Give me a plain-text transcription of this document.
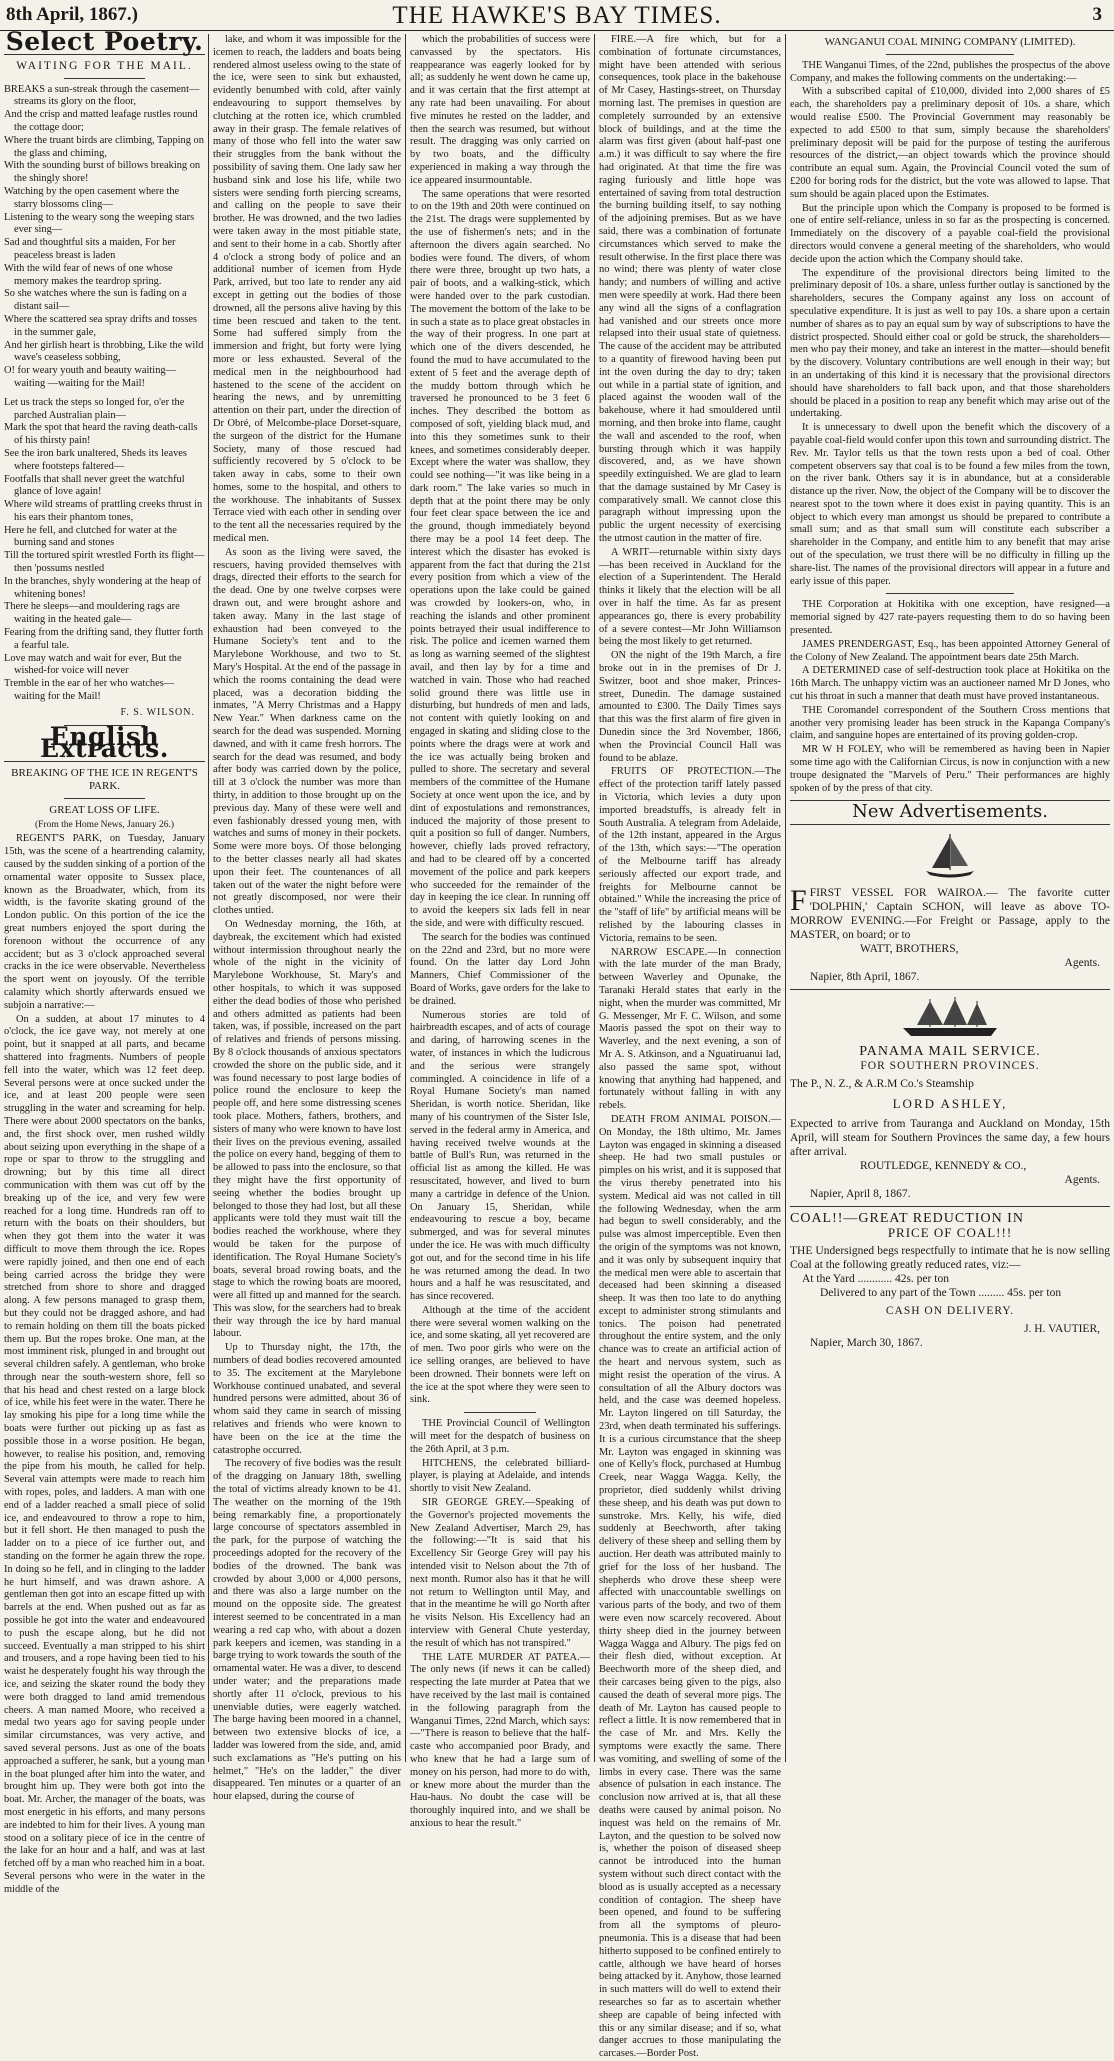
8th April, 1867.)	THE HAWKE'S BAY TIMES.	3
Select Poetry.
WAITING FOR THE MAIL.

BREAKS a sun-streak through the casement— streams its glory on the floor,

And the crisp and matted leafage rustles round the cottage door;

Where the truant birds are climbing, Tapping on the glass and chiming,

With the sounding burst of billows breaking on the shingly shore!

Watching by the open casement where the starry blossoms cling—

Listening to the weary song the weeping stars ever sing—

Sad and thoughtful sits a maiden, For her peaceless breast is laden

With the wild fear of news of one whose memory makes the teardrop spring.

So she watches where the sun is fading on a distant sail—

Where the scattered sea spray drifts and tosses in the summer gale,

And her girlish heart is throbbing, Like the wild wave's ceaseless sobbing,

O! for weary youth and beauty waiting—waiting —waiting for the Mail!

Let us track the steps so longed for, o'er the parched Australian plain—

Mark the spot that heard the raving death-calls of his thirsty pain!

See the iron bark unaltered, Sheds its leaves where footsteps faltered—

Footfalls that shall never greet the watchful glance of love again!

Where wild streams of prattling creeks thrust in his ears their phantom tones,

Here he fell, and clutched for water at the burning sand and stones

Till the tortured spirit wrestled Forth its flight—then 'possums nestled

In the branches, shyly wondering at the heap of whitening bones!

There he sleeps—and mouldering rags are waiting in the heated gale—

Fearing from the drifting sand, they flutter forth a fearful tale.

Love may watch and wait for ever, But the wished-for voice will never

Tremble in the ear of her who watches—waiting for the Mail!

F. S. WILSON.
English Extracts.
BREAKING OF THE ICE IN REGENT'S PARK.
GREAT LOSS OF LIFE.
(From the Home News, January 26.)

REGENT'S PARK, on Tuesday, January 15th, was the scene of a heartrending calamity, caused by the sudden sinking of a portion of the ornamental water opposite to Sussex place, known as the Broadwater, which, from its width, is the favorite skating ground of the London public. On this portion of the ice the great numbers enjoyed the sport during the forenoon without the occurrence of any accident; but as 3 o'clock approached several cracks in the ice were observable. Nevertheless the sport went on joyously. Of the terrible calamity which shortly afterwards ensued we subjoin a narrative:—

On a sudden, at about 17 minutes to 4 o'clock, the ice gave way, not merely at one point, but it snapped at all parts, and became shattered into fragments. Numbers of people fell into the water, which was 12 feet deep. Several persons were at once sucked under the ice, and at least 200 people were seen struggling in the water and screaming for help. There were about 2000 spectators on the banks, and, the first shock over, men rushed wildly about seizing upon everything in the shape of a rope or spar to throw to the struggling and drowning; but by this time all direct communication with them was cut off by the breaking up of the ice, and very few were reached for a long time. Hundreds ran off to return with the boats on their shoulders, but when they got them into the water it was difficult to move them through the ice. Ropes were rapidly joined, and then one end of each being carried across the bridge they were stretched from shore to shore and dragged along. A few persons managed to grasp them, but they could not be dragged ashore, and had to remain holding on them till the boats picked them up. But the ropes broke. One man, at the most imminent risk, plunged in and brought out several children safely. A gentleman, who broke through near the south-western shore, fell so that his head and chest rested on a large block of ice, while his feet were in the water. There he lay smoking his pipe for a long time while the boats were further out picking up as fast as possible those in a worse position. He began, however, to realise his position, and, removing the pipe from his mouth, he called for help. Several vain attempts were made to reach him with ropes, poles, and ladders. A man with one end of a ladder reached a small piece of solid ice, and endeavoured to throw a rope to him, but it fell short. He then managed to push the ladder on to a piece of ice further out, and standing on the former he again threw the rope. In doing so he fell, and in clinging to the ladder he hurt himself, and was drawn ashore. A gentleman then got into an escape fitted up with barrels at the end. When pushed out as far as possible he got into the water and endeavoured to push the escape along, but he did not succeed. Eventually a man stripped to his shirt and trousers, and a rope having been tied to his waist he desperately fought his way through the ice, and seizing the skater round the body they were both dragged to land amid tremendous cheers. A man named Moore, who received a medal two years ago for saving people under similar circumstances, was very active, and saved several persons. Just as one of the boats approached a sufferer, he sank, but a young man in the boat plunged after him into the water, and brought him up. They were both got into the boat. Mr. Archer, the manager of the boats, was most energetic in his efforts, and many persons are indebted to him for their lives. A young man stood on a solitary piece of ice in the centre of the lake for an hour and a half, and was at last fetched off by a man who reached him in a boat. Several persons who were in the water in the middle of the

lake, and whom it was impossible for the icemen to reach, the ladders and boats being rendered almost useless owing to the state of the ice, were seen to sink but exhausted, evidently benumbed with cold, after vainly endeavouring to support themselves by clutching at the rotten ice, which crumbled away in their grasp. The female relatives of many of those who fell into the water saw their struggles from the bank without the possibility of saving them. One lady saw her husband sink and lose his life, while two sisters were sending forth piercing screams, and calling on the people to save their brother. He was drowned, and the two ladies were taken away in the most pitiable state, and sent to their home in a cab. Shortly after 4 o'clock a strong body of police and an additional number of icemen from Hyde Park, arrived, but too late to render any aid except in getting out the bodies of those drowned, all the persons alive having by this time been rescued and taken to the tent. Some had suffered simply from the immersion and fright, but forty were lying more or less exhausted. Several of the medical men in the neighbourhood had hastened to the scene of the accident on hearing the news, and by unremitting attention on their part, under the direction of Dr Obré, of Melcombe-place Dorset-square, the surgeon of the district for the Humane Society, many of those rescued had sufficiently recovered by 5 o'clock to be taken away in cabs, some to their own homes, some to the hospital, and others to the workhouse. The inhabitants of Sussex Terrace vied with each other in sending over to the tent all the necessaries required by the medical men.

As soon as the living were saved, the rescuers, having provided themselves with drags, directed their efforts to the search for the dead. One by one twelve corpses were drawn out, and were brought ashore and taken away. Many in the last stage of exhaustion had been conveyed to the Humane Society's tent and to the Marylebone Workhouse, and two to St. Mary's Hospital. At the end of the passage in which the rooms containing the dead were placed, was a decoration bidding the inmates, "A Merry Christmas and a Happy New Year." When darkness came on the search for the dead was suspended. Morning dawned, and with it came fresh horrors. The search for the dead was resumed, and body after body was carried down by the police, till at 3 o'clock the number was more than thirty, in addition to those brought up on the previous day. Many of these were well and even fashionably dressed young men, with watches and sums of money in their pockets. Some were more boys. Of those belonging to the better classes nearly all had skates upon their feet. The countenances of all taken out of the water the night before were not greatly discomposed, nor were their clothes untied.

On Wednesday morning, the 16th, at daybreak, the excitement which had existed without intermission throughout nearly the whole of the night in the vicinity of Marylebone Workhouse, St. Mary's and other hospitals, to which it was supposed either the dead bodies of those who perished and others admitted as patients had been taken, was, if possible, increased on the part of relatives and friends of persons missing. By 8 o'clock thousands of anxious spectators crowded the shore on the public side, and it was found necessary to post large bodies of police round the enclosure to keep the people off, and here some distressing scenes took place. Mothers, fathers, brothers, and sisters of many who were known to have lost their lives on the previous evening, assailed the police on every hand, begging of them to be allowed to pass into the enclosure, so that they might have the first opportunity of seeing whether the bodies brought up belonged to those they had lost, but all these applicants were told they must wait till the bodies reached the workhouse, where they would be taken for the purpose of identification. The Royal Humane Society's boats, several broad rowing boats, and the stage to which the rowing boats are moored, were all fitted up and manned for the search. This was slow, for the searchers had to break their way through the ice by hard manual labour.

Up to Thursday night, the 17th, the numbers of dead bodies recovered amounted to 35. The excitement at the Marylebone Workhouse continued unabated, and several hundred persons were admitted, about 36 of whom said they came in search of missing relatives and friends who were known to have been on the ice at the time the catastrophe occurred.

The recovery of five bodies was the result of the dragging on January 18th, swelling the total of victims already known to be 41. The weather on the morning of the 19th being remarkably fine, a proportionately large concourse of spectators assembled in the park, for the purpose of watching the proceedings adopted for the recovery of the bodies of the drowned. The bank was crowded by about 3,000 or 4,000 persons, and there was also a large number on the mound on the opposite side. The greatest interest seemed to be concentrated in a man wearing a red cap who, with about a dozen park keepers and icemen, was standing in a barge trying to work towards the south of the ornamental water. He was a diver, to descend under water; and the preparations made shortly after 11 o'clock, previous to his unenviable duties, were eagerly watched. The barge having been moored in a channel, between two extensive blocks of ice, a ladder was lowered from the side, and, amid such exclamations as "He's putting on his helmet," "He's on the ladder," the diver disappeared. Ten minutes or a quarter of an hour elapsed, during the course of

which the probabilities of success were canvassed by the spectators. His reappearance was eagerly looked for by all; as suddenly he went down he came up, and it was certain that the first attempt at any rate had been unavailing. For about five minutes he rested on the ladder, and then the search was resumed, but without result. The dragging was only carried on by two boats, and the difficulty experienced in making a way through the ice appeared insurmountable.

The same operations that were resorted to on the 19th and 20th were continued on the 21st. The drags were supplemented by the use of fishermen's nets; and in the afternoon the divers again searched. No bodies were found. The divers, of whom there were three, brought up two hats, a pair of boots, and a walking-stick, which were handed over to the park custodian. The movement the bottom of the lake to be in such a state as to place great obstacles in the way of their progress. In one part at which one of the divers descended, he found the mud to have accumulated to the extent of 5 feet and the average depth of the muddy bottom through which he traversed he pronounced to be 3 feet 6 inches. They described the bottom as composed of soft, yielding black mud, and into this they sometimes sunk to their knees, and sometimes considerably deeper. Except where the water was shallow, they could see nothing—"it was like being in a dark room." The lake varies so much in depth that at the point there may be only four feet clear space between the ice and the ground, though immediately beyond there may be a pool 14 feet deep. The interest which the disaster has evoked is apparent from the fact that during the 21st every position from which a view of the operations upon the lake could be gained was crowded by lookers-on, who, in reaching the islands and other prominent points betrayed their usual indifference to risk. The police and icemen warned them as long as warning seemed of the slightest avail, and then lay by for a time and watched in vain. Those who had reached solid ground there was little use in disturbing, but hundreds of men and lads, not content with quietly looking on and engaged in skating and sliding close to the points where the drags were at work and the ice was actually being broken and pulled to shore. The secretary and several members of the committee of the Humane Society at once went upon the ice, and by dint of expostulations and remonstrances, induced the majority of those present to quit a position so full of danger. Numbers, however, chiefly lads proved refractory, and had to be cleared off by a concerted movement of the police and park keepers who succeeded for the remainder of the day in keeping the ice clear. In running off to avoid the keepers six lads fell in near the side, and were with difficulty rescued.

The search for the bodies was continued on the 22nd and 23rd, but no more were found. On the latter day Lord John Manners, Chief Commissioner of the Board of Works, gave orders for the lake to be drained.

Numerous stories are told of hairbreadth escapes, and of acts of courage and daring, of harrowing scenes in the water, of instances in which the ludicrous and the serious were strangely commingled. A coincidence in life of a Royal Humane Society's man named Sheridan, is worth notice. Sheridan, like many of his countrymen of the Sister Isle, served in the federal army in America, and having received twelve wounds at the battle of Bull's Run, was returned in the official list as among the killed. He was resuscitated, however, and lived to burn many a cartridge in defence of the Union. On January 15, Sheridan, while endeavouring to rescue a boy, became submerged, and was for several minutes under the ice. He was with much difficulty got out, and for the second time in his life he was returned among the dead. In two hours and a half he was resuscitated, and has since recovered.

Although at the time of the accident there were several women walking on the ice, and some skating, all yet recovered are of men. Two poor girls who were on the ice selling oranges, are believed to have been drowned. Their bonnets were left on the ice at the spot where they were seen to sink.

THE Provincial Council of Wellington will meet for the despatch of business on the 26th April, at 3 p.m.

HITCHENS, the celebrated billiard-player, is playing at Adelaide, and intends shortly to visit New Zealand.

SIR GEORGE GREY.—Speaking of the Governor's projected movements the New Zealand Advertiser, March 29, has the following:—"It is said that his Excellency Sir George Grey will pay his intended visit to Nelson about the 7th of next month. Rumor also has it that he will not return to Wellington until May, and that in the meantime he will go North after he visits Nelson. His Excellency had an interview with General Chute yesterday, the result of which has not transpired."

THE LATE MURDER AT PATEA.—The only news (if news it can be called) respecting the late murder at Patea that we have received by the last mail is contained in the following paragraph from the Wanganui Times, 22nd March, which says:—"There is reason to believe that the half-caste who accompanied poor Brady, and who knew that he had a large sum of money on his person, had more to do with, or knew more about the murder than the Hau-haus. No doubt the case will be thoroughly inquired into, and we shall be anxious to hear the result."

FIRE.—A fire which, but for a combination of fortunate circumstances, might have been attended with serious consequences, took place in the bakehouse of Mr Casey, Hastings-street, on Thursday morning last. The premises in question are completely surrounded by an extensive block of buildings, and at the time the alarm was first given (about half-past one a.m.) it was difficult to say where the fire had originated. At that time the fire was raging furiously and little hope was entertained of saving from total destruction the burning building itself, to say nothing of the adjoining premises. But as we have said, there was a combination of fortunate circumstances which served to make the result otherwise. In the first place there was no wind; there was plenty of water close handy; and numbers of willing and active men were speedily at work. Had there been any wind all the signs of a conflagration had vanished and our streets once more relapsed into their usual state of quietness. The cause of the accident may be attributed to a quantity of firewood having been put int the oven during the day to dry; taken out while in a partial state of ignition, and placed against the wooden wall of the bakehouse, where it had smouldered until morning, and then broke into flame, caught the wall and ascended to the roof, when bursting through which it was happily discovered, and, as we have shown speedily extinguished. We are glad to learn that the damage sustained by Mr Casey is comparatively small. We cannot close this paragraph without impressing upon the public the urgent necessity of exercising the utmost caution in the matter of fire.

A WRIT—returnable within sixty days—has been received in Auckland for the election of a Superintendent. The Herald thinks it likely that the election will be all over in half the time. As far as present appearances go, there is every probability of a severe contest—Mr John Williamson being the most likely to get returned.

ON the night of the 19th March, a fire broke out in in the premises of Dr J. Switzer, boot and shoe maker, Princes-street, Dunedin. The damage sustained amounted to £300. The Daily Times says that this was the first alarm of fire given in Dunedin since the 3rd November, 1866, when the Provincial Council Hall was found to be ablaze.

FRUITS OF PROTECTION.—The effect of the protection tariff lately passed in Victoria, which levies a duty upon imported breadstuffs, is already felt in South Australia. A telegram from Adelaide, of the 12th instant, appeared in the Argus of the 13th, which says:—"The operation of the Melbourne tariff has already seriously affected our export trade, and freights for Melbourne cannot be obtained." While the increasing the price of the "staff of life" by artificial means will be relished by the labouring classes in Victoria, remains to be seen.

NARROW ESCAPE.—In connection with the late murder of the man Brady, between Waverley and Opunake, the Taranaki Herald states that early in the night, when the murder was committed, Mr G. Messenger, Mr F. C. Wilson, and some Maoris passed the spot on their way to Waverley, and the next evening, a son of Mr A. S. Atkinson, and a Nguatiruanui lad, also passed the same spot, without knowing that anything had happened, and fortunately without falling in with any rebels.

DEATH FROM ANIMAL POISON.—On Monday, the 18th ultimo, Mr. James Layton was engaged in skinning a diseased sheep. He had two small pustules or pimples on his wrist, and it is supposed that the virus thereby penetrated into his system. Medical aid was not called in till the following Wednesday, when the arm had begun to swell considerably, and the pulse was almost imperceptible. Even then the origin of the symptoms was not known, and it was only by subsequent inquiry that the medical men were able to ascertain that deceased had been skinning a diseased sheep. It was then too late to do anything except to administer strong stimulants and tonics. The poison had penetrated throughout the entire system, and the only chance was to create an artificial action of the heart and nervous system, such as might resist the operation of the virus. A consultation of all the Albury doctors was held, and the case was deemed hopeless. Mr. Layton lingered on till Saturday, the 23rd, when death terminated his sufferings. It is a curious circumstance that the sheep Mr. Layton was engaged in skinning was one of Kelly's flock, purchased at Humbug Creek, near Wagga Wagga. Kelly, the proprietor, died suddenly whilst driving these sheep, and his death was put down to sunstroke. Mrs. Kelly, his wife, died suddenly at Beechworth, after taking delivery of these sheep and selling them by auction. Her death was attributed mainly to grief for the loss of her husband. The shepherds who drove these sheep were affected with unaccountable swellings on various parts of the body, and two of them were even now scarcely recovered. About thirty sheep died in the journey between Wagga Wagga and Albury. The pigs fed on their flesh died, without exception. At Beechworth more of the sheep died, and their carcases being given to the pigs, also caused the death of several more pigs. The death of Mr. Layton has caused people to reflect a little. It is now remembered that in the case of Mr. and Mrs. Kelly the symptoms were exactly the same. There was vomiting, and swelling of some of the limbs in every case. There was the same absence of pulsation in each instance. The conclusion now arrived at is, that all these deaths were caused by animal poison. No inquest was held on the remains of Mr. Layton, and the question to be solved now is, whether the poison of diseased sheep cannot be introduced into the human system without such direct contact with the blood as is usually accepted as a necessary condition of contagion. The sheep have been opened, and found to be suffering from all the symptoms of pleuro-pneumonia. This is a disease that had been hitherto supposed to be confined entirely to cattle, although we have heard of horses being attacked by it. Anyhow, those learned in such matters will do well to extend their researches so far as to ascertain whether sheep are capable of being infected with this or any similar disease; and if so, what danger accrues to those manipulating the carcases.—Border Post.

WANGANUI COAL MINING COMPANY (LIMITED).

THE Wanganui Times, of the 22nd, publishes the prospectus of the above Company, and makes the following comments on the undertaking:—

With a subscribed capital of £10,000, divided into 2,000 shares of £5 each, the shareholders pay a preliminary deposit of 10s. a share, which would realise £500. The Provincial Government may reasonably be expected to add £500 to that sum, simply because the shareholders' preliminary deposit will be paid for the purpose of testing the auriferous resources of the district,—an object towards which the province should contribute an equal sum. Again, the Provincial Council voted the sum of £200 for boring rods for the district, but the vote was allowed to lapse. That sum should be again placed upon the Estimates.

But the principle upon which the Company is proposed to be formed is one of entire self-reliance, unless in so far as the prospecting is concerned. Immediately on the discovery of a payable coal-field the provisional directors would convene a general meeting of the shareholders, who would decide upon the action which the Company should take.

The expenditure of the provisional directors being limited to the preliminary deposit of 10s. a share, unless further outlay is sanctioned by the shareholders, secures the Company against any loss on account of speculative expenditure. It is just as well to pay 10s. a share upon a certain number of shares as to pay an equal sum by way of subscriptions to have the district prospected. Should either coal or gold be struck, the shareholders—men who pay their money, and take an interest in the matter—should benefit by the discovery. Voluntary contributions are well enough in their way; but in an undertaking of this kind it is necessary that the provisional directors should have shareholders to fall back upon, and that those shareholders should be placed in a position to reap any benefit which may arise out of the undertaking.

It is unnecessary to dwell upon the benefit which the discovery of a payable coal-field would confer upon this town and surrounding district. The Rev. Mr. Taylor tells us that the town rests upon a bed of coal. Other competent observers say that coal is to be found a few miles from the town, on the river bank. Others say it is in abundance, but at a considerable distance up the river. Now, the object of the Company will be to discover the nearest spot to the town where it does exist in paying quantity. This is an object to which every man amongst us should be prepared to contribute a small sum; and as that small sum will constitute each subscriber a shareholder in the Company, and entitle him to any benefit that may arise out of the speculation, we trust there will be no difficulty in filling up the share-list. The names of the provisional directors will appear in a future and early issue of this paper.

THE Corporation at Hokitika with one exception, have resigned—a memorial signed by 427 rate-payers requesting them to do so having been presented.

JAMES PRENDERGAST, Esq., has been appointed Attorney General of the Colony of New Zealand. The appointment bears date 25th March.

A DETERMINED case of self-destruction took place at Hokitika on the 16th March. The unhappy victim was an auctioneer named Mr D Jones, who cut his throat in such a manner that death must have proved instantaneous.

THE Coromandel correspondent of the Southern Cross mentions that another very promising leader has been struck in the Kapanga Company's claim, and sanguine hopes are entertained of its proving golden-crop.

MR W H FOLEY, who will be remembered as having been in Napier some time ago with the Californian Circus, is now in conjunction with a new troupe designated the "Marvels of Peru." Their performances are highly spoken of by the press of that city.

New Advertisements.
F FIRST VESSEL FOR WAIROA.— The favorite cutter 'DOLPHIN,' Captain SCHON, will leave as above TO-MORROW EVENING.—For Freight or Passage, apply to the MASTER, on board; or to
WATT, BROTHERS,
Agents.
Napier, 8th April, 1867.
PANAMA MAIL SERVICE.
FOR SOUTHERN PROVINCES.
The P., N. Z., & A.R.M Co.'s Steamship
LORD ASHLEY,
Expected to arrive from Tauranga and Auckland on Monday, 15th April, will steam for Southern Provinces the same day, a few hours after arrival.
ROUTLEDGE, KENNEDY & CO.,
Agents.
Napier, April 8, 1867.
COAL!!—GREAT REDUCTION IN
PRICE OF COAL!!!
THE Undersigned begs respectfully to intimate that he is now selling Coal at the following greatly reduced rates, viz:—
At the Yard ............ 42s. per ton
Delivered to any part of the Town ......... 45s. per ton
CASH ON DELIVERY.
J. H. VAUTIER,
Napier, March 30, 1867.
